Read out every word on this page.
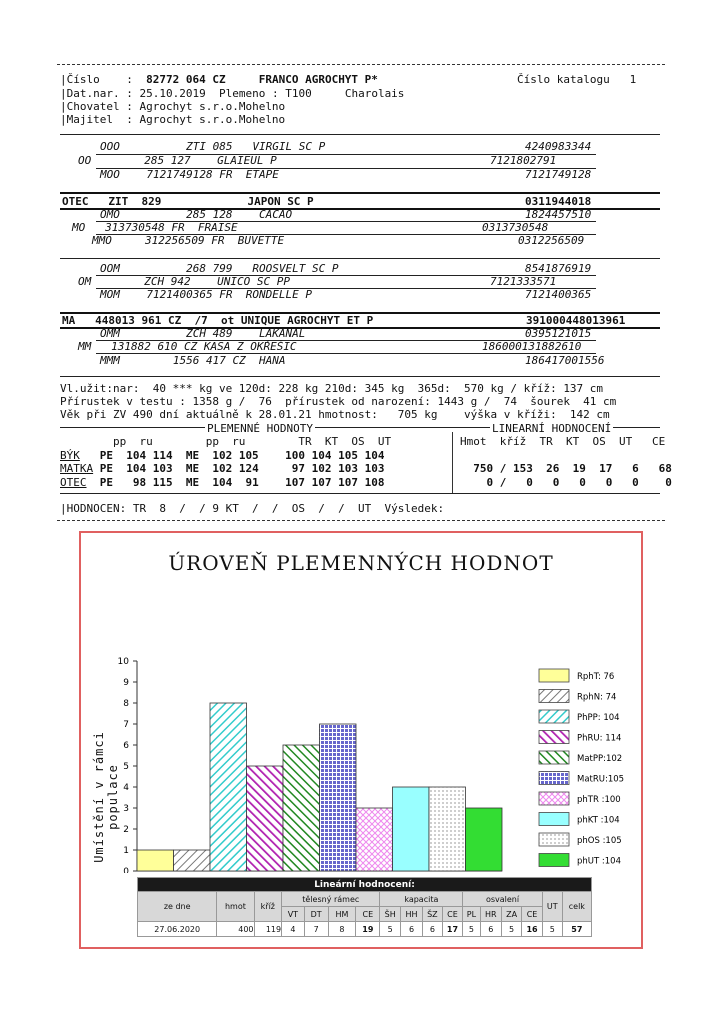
|Číslo    :  82772 064 CZ	FRANCO AGROCHYT P*	Číslo katalogu 1
|Dat.nar. : 25.10.2019 Plemeno : T100	Charolais
|Chovatel : Agrochyt s.r.o.Mohelno
|Majitel  : Agrochyt s.r.o.Mohelno
OOO	ZTI 085 VIRGIL SC P	4240983344
OO	285 127 GLAIEUL P	7121802791
MOO 7121749128 FR ETAPE	7121749128
OTEC ZIT  829	JAPON SC P	0311944018
OMO	285 128 CACAO	1824457510
MO 313730548 FR FRAISE	0313730548
MMO	312256509 FR BUVETTE	0312256509
OOM	268 799 ROOSVELT SC P	8541876919
OM	ZCH 942 UNICO SC PP	7121333571
MOM 7121400365 FR RONDELLE P	7121400365
MA 448013 961 CZ /7  ot UNIQUE AGROCHYT ET P	391000448013961
OMM	ZCH 489 LAKANAL	0395121015
MM 131882 610 CZ KASA Z OKŘEŠIC	186000131882610
MMM	1556 417 CZ HANA	186417001556
Vl.užit:nar:  40 *** kg ve 120d: 228 kg 210d: 345 kg  365d:  570 kg / kříž: 137 cm
Přírustek v testu : 1358 g /  76  přírustek od narození: 1443 g /  74  šourek  41 cm
Věk při ZV 490 dní aktuálně k 28.01.21 hmotnost:   705 kg    výška v kříži:  142 cm
PLEMENNÉ HODNOTY	LINEARNÍ HODNOCENÍ
pp  ru        pp  ru        TR  KT  OS  UT	Hmot  kříž  TR  KT  OS  UT   CE
BÝK   PE  104 114  ME  102 105    100 104 105 104
MATKA PE  104 103  ME  102 124     97 102 103 103	750 / 153  26  19  17   6   68
OTEC  PE   98 115  ME  104  91    107 107 107 108	0 /   0   0   0   0   0    0
|HODNOCEN: TR  8  /  / 9 KT  /  /  OS  /  /  UT  Výsledek:
ÚROVEŇ PLEMENNÝCH HODNOT
Umístění v rámci populace
0
1
2
3
4
5
6
7
8
9
10
RphT: 76
RphN: 74
PhPP: 104
PhRU: 114
MatPP:102
MatRU:105
phTR :100
phKT :104
phOS :105
phUT :104
Lineární hodnocení:																
ze dne	hmot	kříž	tělesný rámec				kapacita				osvalení				UT	celk
			VT	DT	HM	CE	ŠH	HH	ŠZ	CE	PL	HR	ZA	CE		
27.06.2020	400	119	4	7	8	19	5	6	6	17	5	6	5	16	5	57
